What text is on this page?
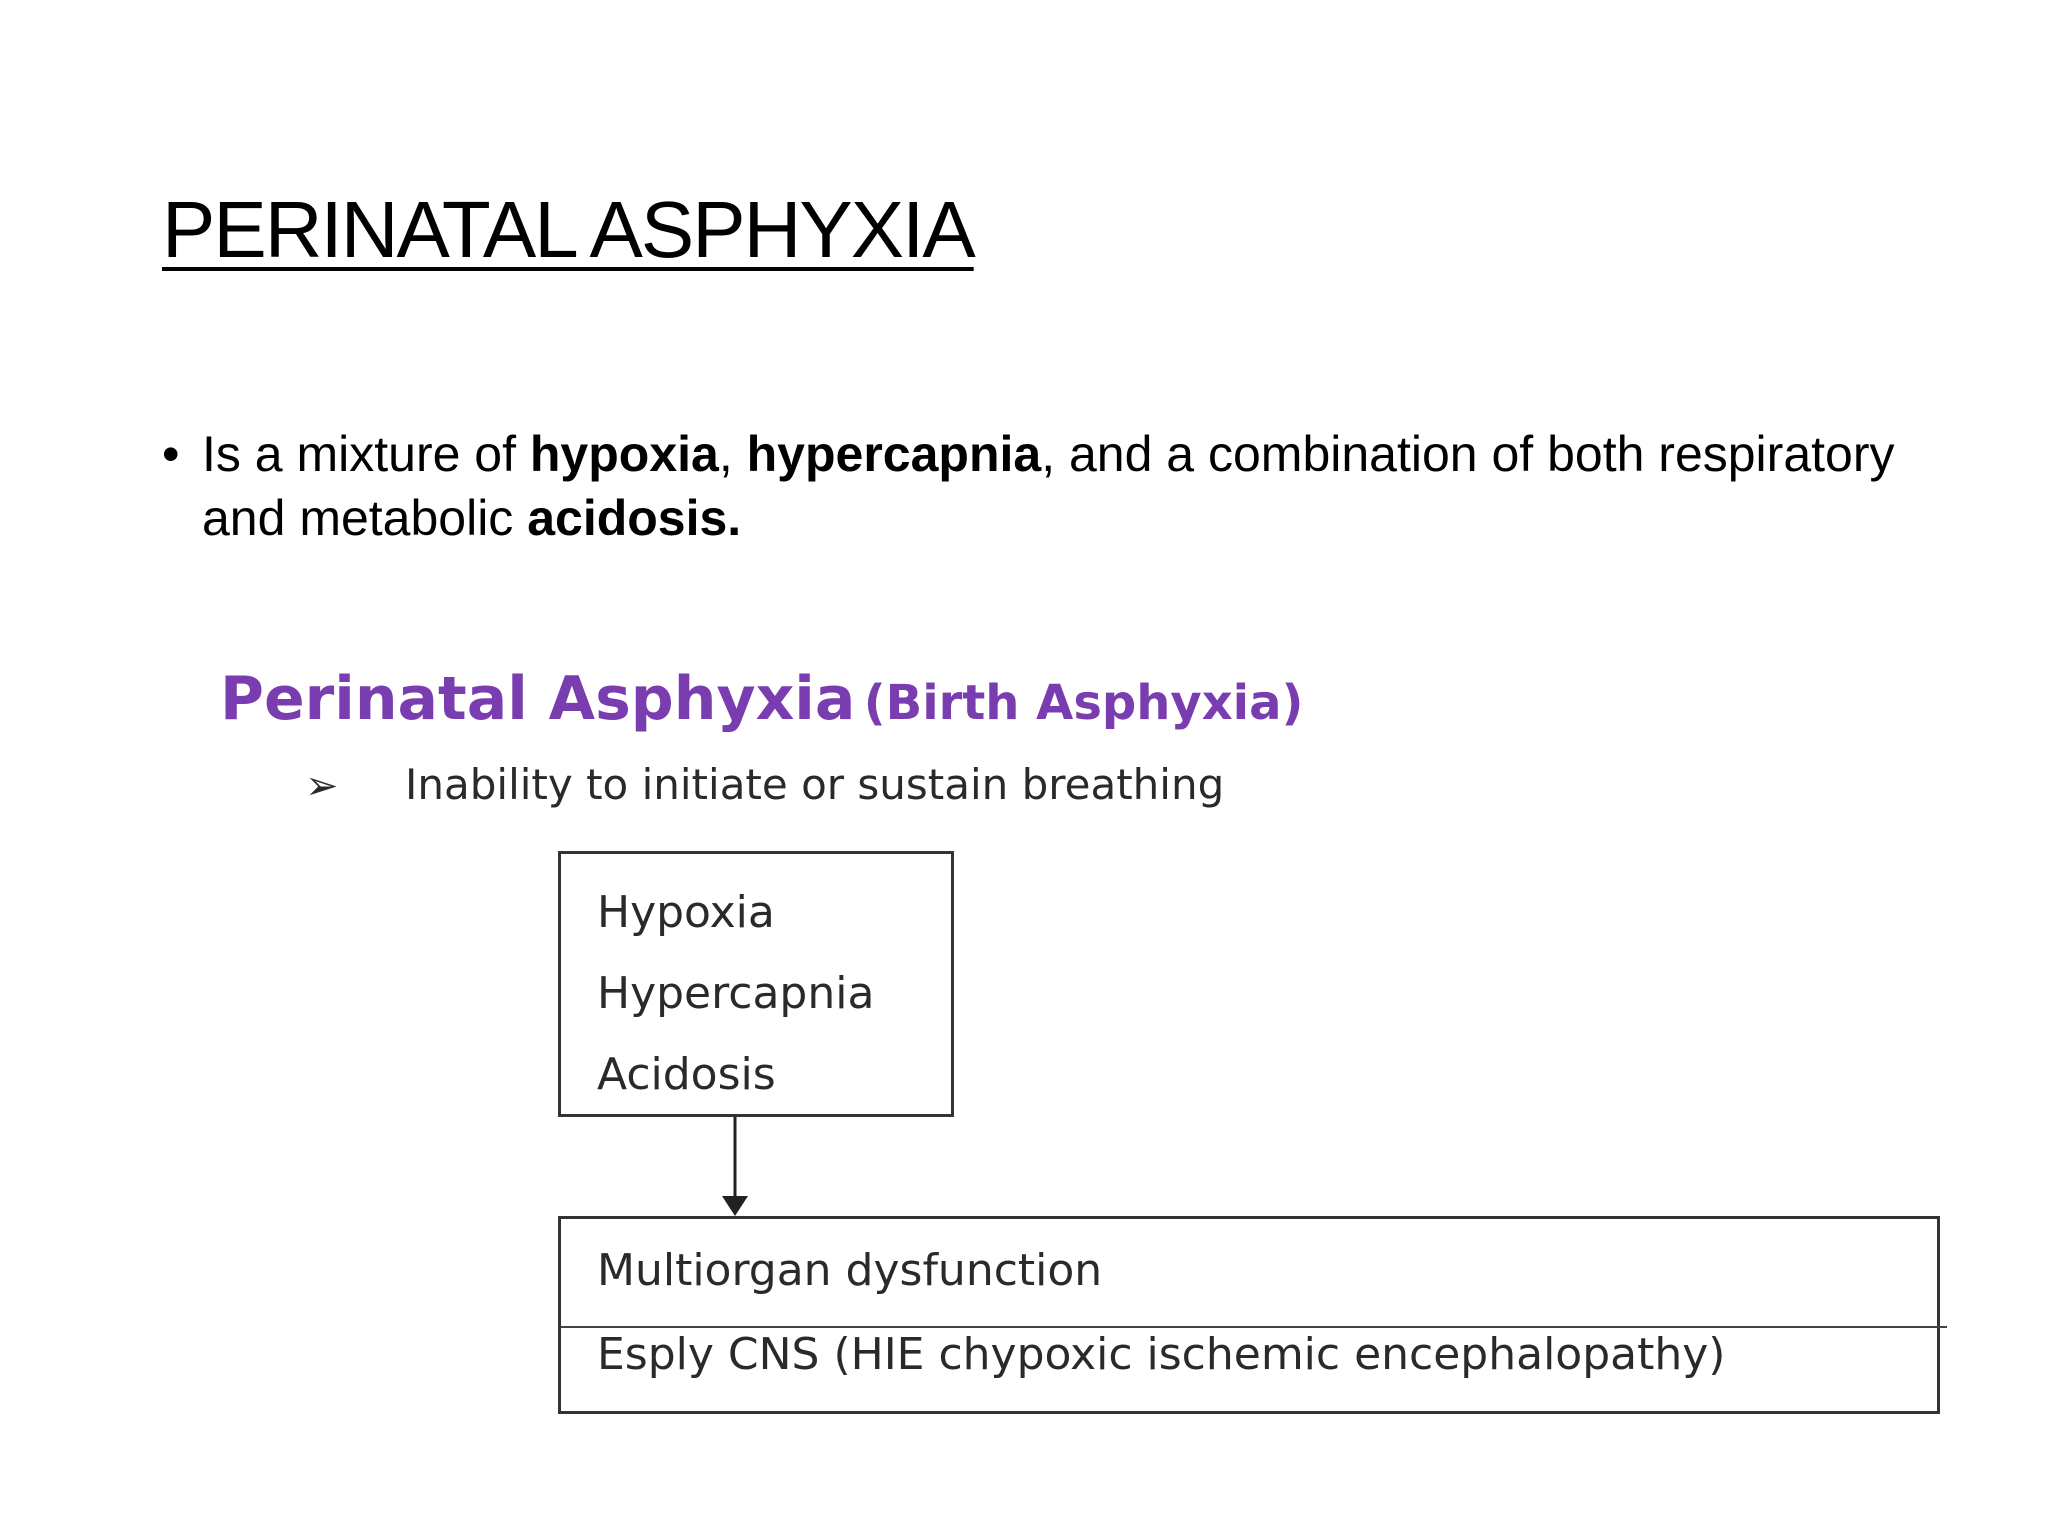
PERINATAL ASPHYXIA
• Is a mixture of hypoxia, hypercapnia, and a combination of both respiratory and metabolic acidosis.
Perinatal Asphyxia (Birth Asphyxia)
➢ Inability to initiate or sustain breathing
Hypoxia
Hypercapnia
Acidosis
Multiorgan dysfunction
Esply CNS (HIE chypoxic ischemic encephalopathy)
